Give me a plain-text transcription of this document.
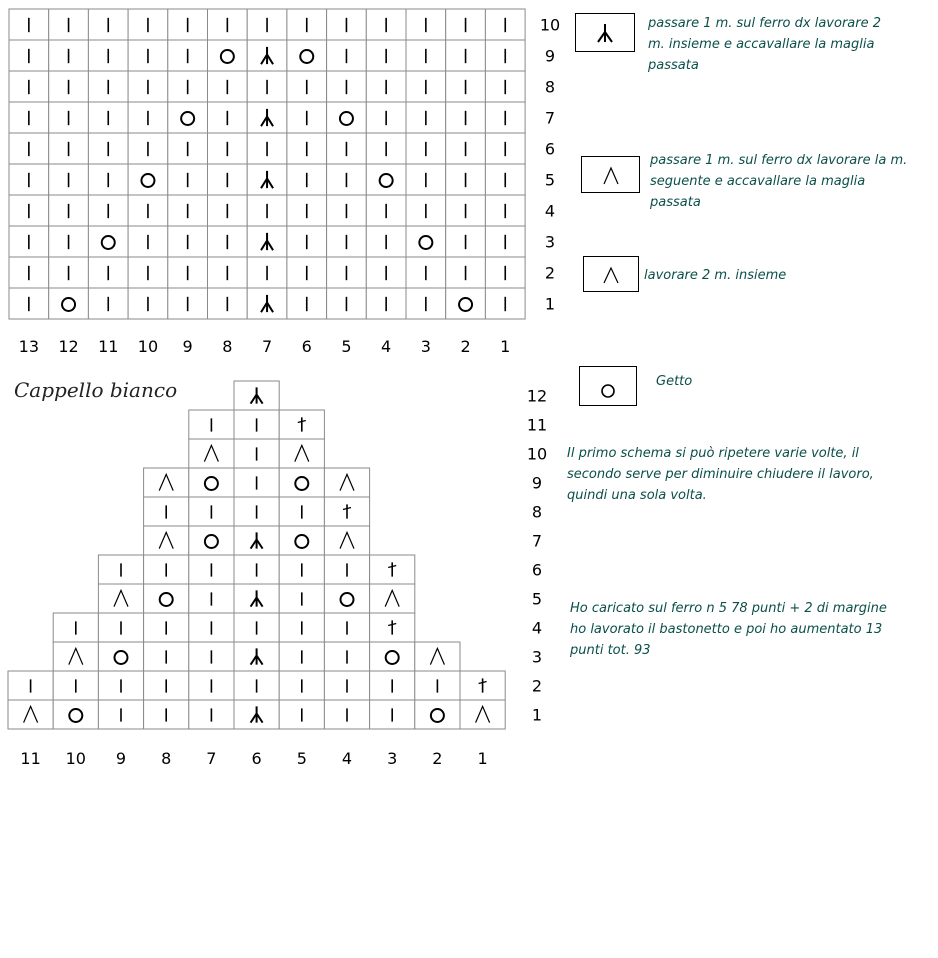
10
9
8
7
6
5
4
3
2
1
13 12 11 10 9 8 7 6 5 4 3 2 1
12
11
10
9
8
7
6
5
4
3
2
1
11 10 9 8 7 6 5 4 3 2 1
Cappello bianco
passare 1 m. sul ferro dx lavorare 2 m. insieme e accavallare la maglia passata
passare 1 m. sul ferro dx lavorare la m. seguente e accavallare la maglia passata
lavorare 2 m. insieme
Getto
Il primo schema si può ripetere varie volte, il secondo serve per diminuire chiudere il lavoro, quindi una sola volta.
Ho caricato sul ferro n 5 78 punti + 2 di margine ho lavorato il bastonetto e poi ho aumentato 13 punti tot. 93
